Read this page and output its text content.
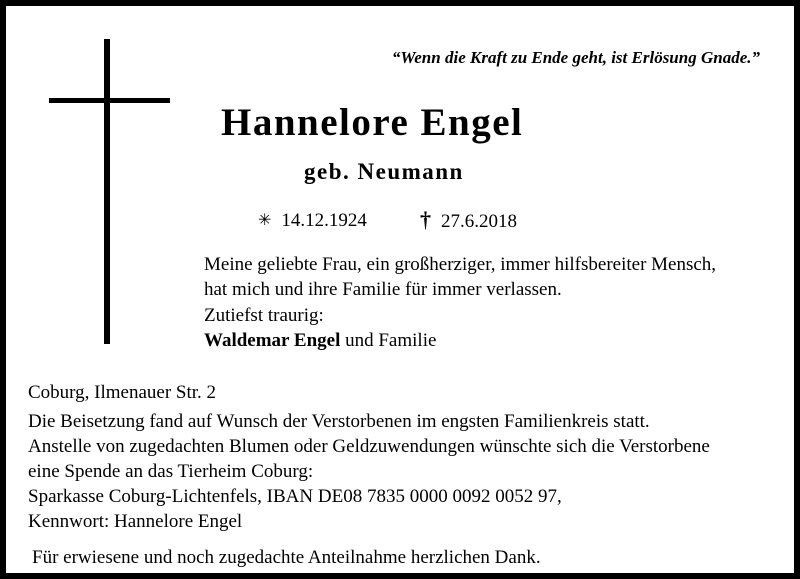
“Wenn die Kraft zu Ende geht, ist Erlösung Gnade.”
Hannelore Engel
geb. Neumann
✳ 14.12.1924 † 27.6.2018
Meine geliebte Frau, ein großherziger, immer hilfsbereiter Mensch,
hat mich und ihre Familie für immer verlassen.
Zutiefst traurig:
Waldemar Engel und Familie
Coburg, Ilmenauer Str. 2
Die Beisetzung fand auf Wunsch der Verstorbenen im engsten Familienkreis statt.
Anstelle von zugedachten Blumen oder Geldzuwendungen wünschte sich die Verstorbene
eine Spende an das Tierheim Coburg:
Sparkasse Coburg-Lichtenfels, IBAN DE08 7835 0000 0092 0052 97,
Kennwort: Hannelore Engel
Für erwiesene und noch zugedachte Anteilnahme herzlichen Dank.
